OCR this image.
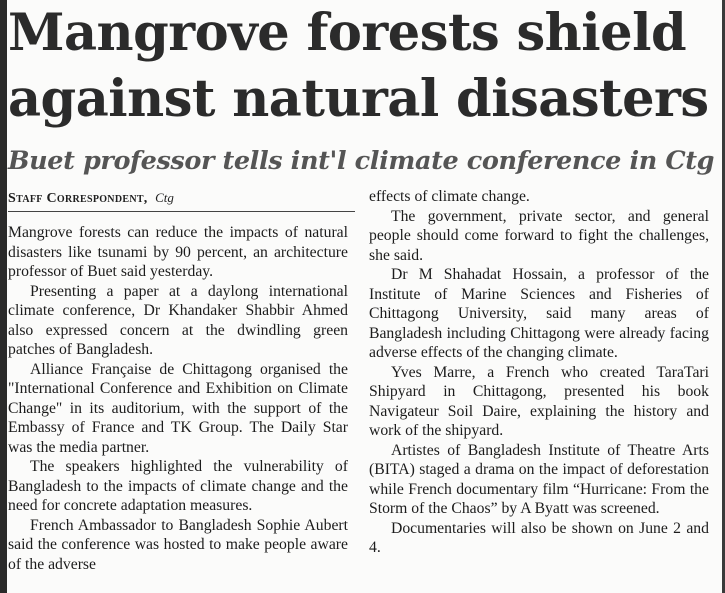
Mangrove forests shield
against natural disasters
Buet professor tells int'l climate conference in Ctg
Staff Correspondent, Ctg

Mangrove forests can reduce the impacts of natural disasters like tsunami by 90 percent, an architecture professor of Buet said yesterday.

Presenting a paper at a daylong international climate conference, Dr Khandaker Shabbir Ahmed also expressed concern at the dwindling green patches of Bangladesh.

Alliance Française de Chittagong organised the "International Conference and Exhibition on Climate Change" in its auditorium, with the support of the Embassy of France and TK Group. The Daily Star was the media partner.

The speakers highlighted the vulnerability of Bangladesh to the impacts of climate change and the need for concrete adaptation measures.

French Ambassador to Bangladesh Sophie Aubert said the conference was hosted to make people aware of the adverse

effects of climate change.

The government, private sector, and general people should come forward to fight the challenges, she said.

Dr M Shahadat Hossain, a professor of the Institute of Marine Sciences and Fisheries of Chittagong University, said many areas of Bangladesh including Chittagong were already facing adverse effects of the changing climate.

Yves Marre, a French who created TaraTari Shipyard in Chittagong, presented his book Navigateur Soil Daire, explaining the history and work of the shipyard.

Artistes of Bangladesh Institute of Theatre Arts (BITA) staged a drama on the impact of deforestation while French documentary film “Hurricane: From the Storm of the Chaos” by A Byatt was screened.

Documentaries will also be shown on June 2 and 4.
